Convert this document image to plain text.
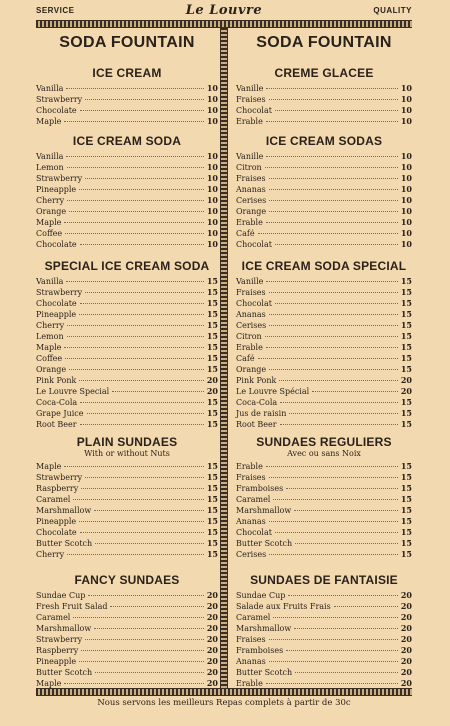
SERVICE	Le Louvre	QUALITY
SODA FOUNTAIN
ICE CREAM
Vanilla	10
Strawberry	10
Chocolate	10
Maple	10
ICE CREAM SODA
Vanilla	10
Lemon	10
Strawberry	10
Pineapple	10
Cherry	10
Orange	10
Maple	10
Coffee	10
Chocolate	10
SPECIAL ICE CREAM SODA
Vanilla	15
Strawberry	15
Chocolate	15
Pineapple	15
Cherry	15
Lemon	15
Maple	15
Coffee	15
Orange	15
Pink Ponk	20
Le Louvre Special	20
Coca-Cola	15
Grape Juice	15
Root Beer	15
PLAIN SUNDAES
With or without Nuts
Maple	15
Strawberry	15
Raspberry	15
Caramel	15
Marshmallow	15
Pineapple	15
Chocolate	15
Butter Scotch	15
Cherry	15
FANCY SUNDAES
Sundae Cup	20
Fresh Fruit Salad	20
Caramel	20
Marshmallow	20
Strawberry	20
Raspberry	20
Pineapple	20
Butter Scotch	20
Maple	20
SODA FOUNTAIN
CREME GLACEE
Vanille	10
Fraises	10
Chocolat	10
Erable	10
ICE CREAM SODAS
Vanille	10
Citron	10
Fraises	10
Ananas	10
Cerises	10
Orange	10
Erable	10
Café	10
Chocolat	10
ICE CREAM SODA SPECIAL
Vanille	15
Fraises	15
Chocolat	15
Ananas	15
Cerises	15
Citron	15
Erable	15
Café	15
Orange	15
Pink Ponk	20
Le Louvre Spécial	20
Coca-Cola	15
Jus de raisin	15
Root Beer	15
SUNDAES REGULIERS
Avec ou sans Noix
Erable	15
Fraises	15
Framboises	15
Caramel	15
Marshmallow	15
Ananas	15
Chocolat	15
Butter Scotch	15
Cerises	15
SUNDAES DE FANTAISIE
Sundae Cup	20
Salade aux Fruits Frais	20
Caramel	20
Marshmallow	20
Fraises	20
Framboises	20
Ananas	20
Butter Scotch	20
Erable	20
Nous servons les meilleurs Repas complets à partir de 30c
